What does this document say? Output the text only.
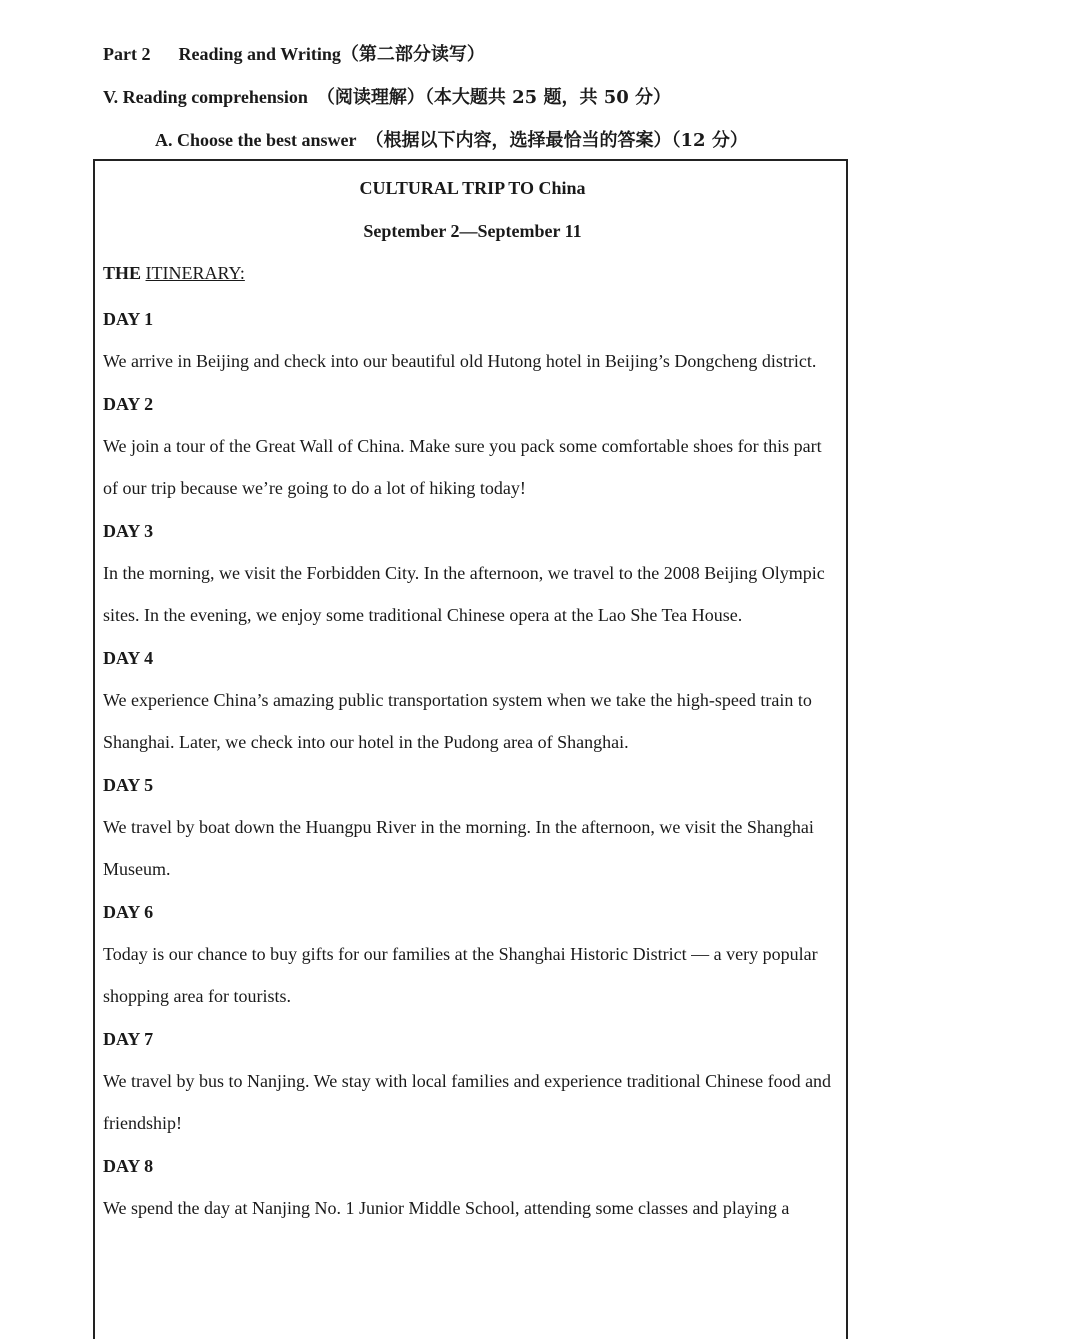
Part 2 Reading and Writing（第二部分读写）
V. Reading comprehension （阅读理解）（本大题共 25 题，共 50 分）
A. Choose the best answer （根据以下内容，选择最恰当的答案）（12 分）
CULTURAL TRIP TO China
September 2—September 11
THE ITINERARY:
DAY 1

We arrive in Beijing and check into our beautiful old Hutong hotel in Beijing’s Dongcheng district.

DAY 2

We join a tour of the Great Wall of China. Make sure you pack some comfortable shoes for this part of our trip because we’re going to do a lot of hiking today!

DAY 3

In the morning, we visit the Forbidden City. In the afternoon, we travel to the 2008 Beijing Olympic sites. In the evening, we enjoy some traditional Chinese opera at the Lao She Tea House.

DAY 4

We experience China’s amazing public transportation system when we take the high-speed train to Shanghai. Later, we check into our hotel in the Pudong area of Shanghai.

DAY 5

We travel by boat down the Huangpu River in the morning. In the afternoon, we visit the Shanghai Museum.

DAY 6

Today is our chance to buy gifts for our families at the Shanghai Historic District — a very popular shopping area for tourists.

DAY 7

We travel by bus to Nanjing. We stay with local families and experience traditional Chinese food and friendship!

DAY 8

We spend the day at Nanjing No. 1 Junior Middle School, attending some classes and playing a
